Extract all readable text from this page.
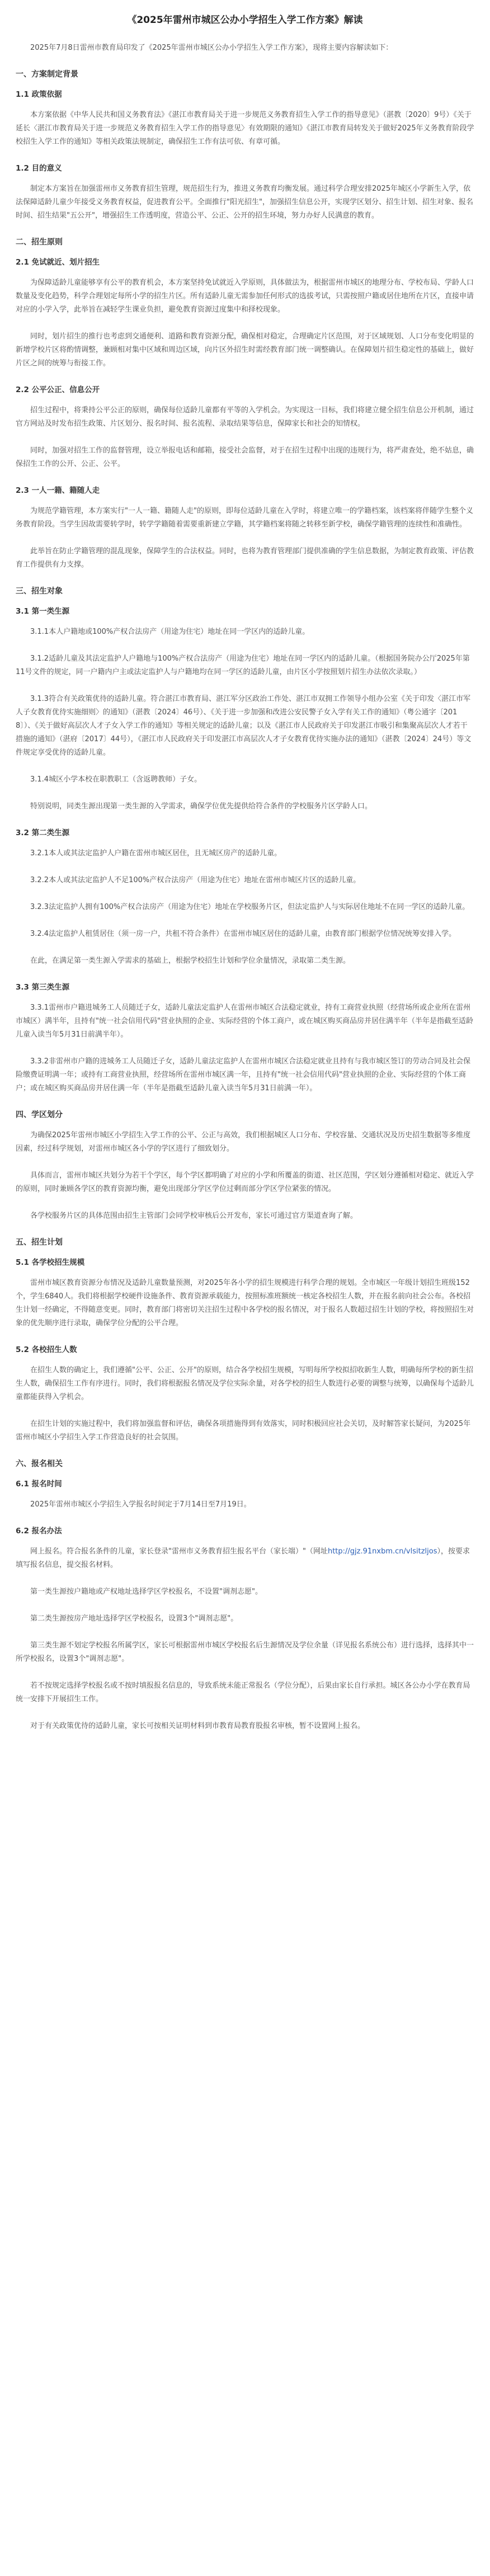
《2025年雷州市城区公办小学招生入学工作方案》解读

2025年7月8日雷州市教育局印发了《2025年雷州市城区公办小学招生入学工作方案》，现将主要内容解读如下：

一、方案制定背景
1.1 政策依据

本方案依据《中华人民共和国义务教育法》《湛江市教育局关于进一步规范义务教育招生入学工作的指导意见》（湛教〔2020〕9号）《关于延长〈湛江市教育局关于进一步规范义务教育招生入学工作的指导意见〉有效期限的通知》《湛江市教育局转发关于做好2025年义务教育阶段学校招生入学工作的通知》等相关政策法规制定，确保招生工作有法可依、有章可循。

1.2 目的意义

制定本方案旨在加强雷州市义务教育招生管理，规范招生行为，推进义务教育均衡发展。通过科学合理安排2025年城区小学新生入学，依法保障适龄儿童少年接受义务教育权益，促进教育公平。全面推行"阳光招生"，加强招生信息公开，实现学区划分、招生计划、招生对象、报名时间、招生结果"五公开"，增强招生工作透明度，营造公平、公正、公开的招生环境，努力办好人民满意的教育。

二、招生原则
2.1 免试就近、划片招生

为保障适龄儿童能够享有公平的教育机会，本方案坚持免试就近入学原则，具体做法为，根据雷州市城区的地理分布、学校布局、学龄人口数量及变化趋势，科学合理划定每所小学的招生片区。所有适龄儿童无需参加任何形式的选拔考试，只需按照户籍或居住地所在片区，直接申请对应的小学入学，此举旨在减轻学生课业负担，避免教育资源过度集中和择校现象。

同时，划片招生的推行也考虑到交通便利、道路和教育资源分配，确保相对稳定，合理确定片区范围，对于区域规划、人口分布变化明显的新增学校片区将酌情调整，兼顾相对集中区域和周边区域，向片区外招生时需经教育部门统一调整确认。在保障划片招生稳定性的基础上，做好片区之间的统筹与衔接工作。

2.2 公平公正、信息公开

招生过程中，将秉持公平公正的原则，确保每位适龄儿童都有平等的入学机会。为实现这一目标，我们将建立健全招生信息公开机制，通过官方网站及时发布招生政策、片区划分、报名时间、报名流程、录取结果等信息，保障家长和社会的知情权。

同时，加强对招生工作的监督管理，设立举报电话和邮箱，接受社会监督，对于在招生过程中出现的违规行为，将严肃查处，绝不姑息，确保招生工作的公开、公正、公平。

2.3 一人一籍、籍随人走

为规范学籍管理，本方案实行"一人一籍、籍随人走"的原则，即每位适龄儿童在入学时，将建立唯一的学籍档案，该档案将伴随学生整个义务教育阶段。当学生因故需要转学时，转学学籍随着需要重新建立学籍，其学籍档案将随之转移至新学校，确保学籍管理的连续性和准确性。

此举旨在防止学籍管理的混乱现象，保障学生的合法权益。同时，也将为教育管理部门提供准确的学生信息数据，为制定教育政策、评估教育工作提供有力支撑。

三、招生对象
3.1 第一类生源

3.1.1本人户籍地或100%产权合法房产（用途为住宅）地址在同一学区内的适龄儿童。

3.1.2适龄儿童及其法定监护人户籍地与100%产权合法房产（用途为住宅）地址在同一学区内的适龄儿童。（根据国务院办公厅2025年第11号文件的规定，同一户籍内户主或法定监护人与户籍地均在同一学区的适龄儿童，由片区小学按照划片招生办法依次录取。）

3.1.3符合有关政策优待的适龄儿童。符合湛江市教育局、湛江军分区政治工作处、湛江市双拥工作领导小组办公室《关于印发〈湛江市军人子女教育优待实施细则〉的通知》（湛教〔2024〕46号）、《关于进一步加强和改进公安民警子女入学有关工作的通知》（粤公通字〔2018〕）、《关于做好高层次人才子女入学工作的通知》等相关规定的适龄儿童；以及《湛江市人民政府关于印发湛江市吸引和集聚高层次人才若干措施的通知》（湛府〔2017〕44号），《湛江市人民政府关于印发湛江市高层次人才子女教育优待实施办法的通知》（湛教〔2024〕24号）等文件规定享受优待的适龄儿童。

3.1.4城区小学本校在职教职工（含返聘教师）子女。

特别说明，同类生源出现第一类生源的入学需求，确保学位优先提供给符合条件的学校服务片区学龄人口。

3.2 第二类生源

3.2.1本人或其法定监护人户籍在雷州市城区居住，且无城区房产的适龄儿童。

3.2.2本人或其法定监护人不足100%产权合法房产（用途为住宅）地址在雷州市城区片区的适龄儿童。

3.2.3法定监护人拥有100%产权合法房产（用途为住宅）地址在学校服务片区，但法定监护人与实际居住地址不在同一学区的适龄儿童。

3.2.4法定监护人租赁居住（须一房一户，共租不符合条件）在雷州市城区居住的适龄儿童，由教育部门根据学位情况统筹安排入学。

在此，在满足第一类生源入学需求的基础上，根据学校招生计划和学位余量情况，录取第二类生源。

3.3 第三类生源

3.3.1雷州市户籍进城务工人员随迁子女，适龄儿童法定监护人在雷州市城区合法稳定就业，持有工商营业执照（经营场所或企业所在雷州市城区）满半年，且持有"统一社会信用代码"营业执照的企业、实际经营的个体工商户，或在城区购买商品房并居住满半年（半年是指截至适龄儿童入读当年5月31日前满半年）。

3.3.2非雷州市户籍的进城务工人员随迁子女，适龄儿童法定监护人在雷州市城区合法稳定就业且持有与我市城区签订的劳动合同及社会保险缴费证明满一年；或持有工商营业执照，经营场所在雷州市城区满一年，且持有"统一社会信用代码"营业执照的企业、实际经营的个体工商户；或在城区购买商品房并居住满一年（半年是指截至适龄儿童入读当年5月31日前满一年）。

四、学区划分

为确保2025年雷州市城区小学招生入学工作的公平、公正与高效，我们根据城区人口分布、学校容量、交通状况及历史招生数据等多维度因素，经过科学规划，对雷州市城区各小学的学区进行了细致划分。

具体而言，雷州市城区共划分为若干个学区，每个学区都明确了对应的小学和所覆盖的街道、社区范围，学区划分遵循相对稳定、就近入学的原则，同时兼顾各学区的教育资源均衡，避免出现部分学区学位过剩而部分学区学位紧张的情况。

各学校服务片区的具体范围由招生主管部门会同学校审核后公开发布，家长可通过官方渠道查询了解。

五、招生计划
5.1 各学校招生规模

雷州市城区教育资源分布情况及适龄儿童数量预测，对2025年各小学的招生规模进行科学合理的规划。全市城区一年级计划招生班级152个，学生6840人。我们将根据学校硬件设施条件、教育资源承载能力，按照标准班额统一核定各校招生人数，并在报名前向社会公布。各校招生计划一经确定，不得随意变更。同时，教育部门将密切关注招生过程中各学校的报名情况，对于报名人数超过招生计划的学校，将按照招生对象的优先顺序进行录取，确保学位分配的公平合理。

5.2 各校招生人数

在招生人数的确定上，我们遵循"公平、公正、公开"的原则，结合各学校招生规模，写明每所学校拟招收新生人数，明确每所学校的新生招生人数，确保招生工作有序进行。同时，我们将根据报名情况及学位实际余量，对各学校的招生人数进行必要的调整与统筹，以确保每个适龄儿童都能获得入学机会。

在招生计划的实施过程中，我们将加强监督和评估，确保各项措施得到有效落实，同时积极回应社会关切，及时解答家长疑问，为2025年雷州市城区小学招生入学工作营造良好的社会氛围。

六、报名相关
6.1 报名时间

2025年雷州市城区小学招生入学报名时间定于7月14日至7月19日。

6.2 报名办法

网上报名。符合报名条件的儿童，家长登录"雷州市义务教育招生报名平台（家长端）"（网址http://gjz.91nxbm.cn/vlsitzljos），按要求填写报名信息，提交报名材料。

第一类生源按户籍地或产权地址选择学区学校报名，不设置"调剂志愿"。

第二类生源按房产地址选择学区学校报名，设置3个"调剂志愿"。

第三类生源不划定学校报名所属学区，家长可根据雷州市城区学校报名后生源情况及学位余量（详见报名系统公布）进行选择，选择其中一所学校报名，设置3个"调剂志愿"。

若不按规定选择学校报名或不按时填报报名信息的，导致系统未能正常报名（学位分配），后果由家长自行承担。城区各公办小学在教育局统一安排下开展招生工作。

对于有关政策优待的适龄儿童，家长可按相关证明材料到市教育局教育股报名审核，暂不设置网上报名。
